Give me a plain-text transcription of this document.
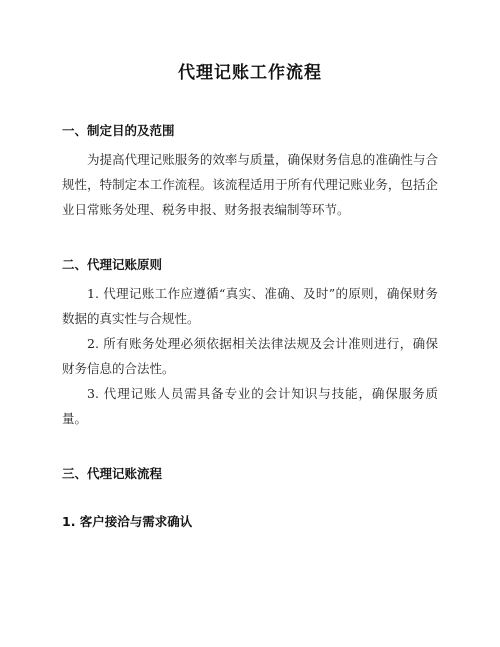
代理记账工作流程
一、制定目的及范围

为提高代理记账服务的效率与质量，确保财务信息的准确性与合规性，特制定本工作流程。该流程适用于所有代理记账业务，包括企业日常账务处理、税务申报、财务报表编制等环节。

二、代理记账原则

1. 代理记账工作应遵循“真实、准确、及时”的原则，确保财务数据的真实性与合规性。

2. 所有账务处理必须依据相关法律法规及会计准则进行，确保财务信息的合法性。

3. 代理记账人员需具备专业的会计知识与技能，确保服务质量。

三、代理记账流程
1. 客户接洽与需求确认
